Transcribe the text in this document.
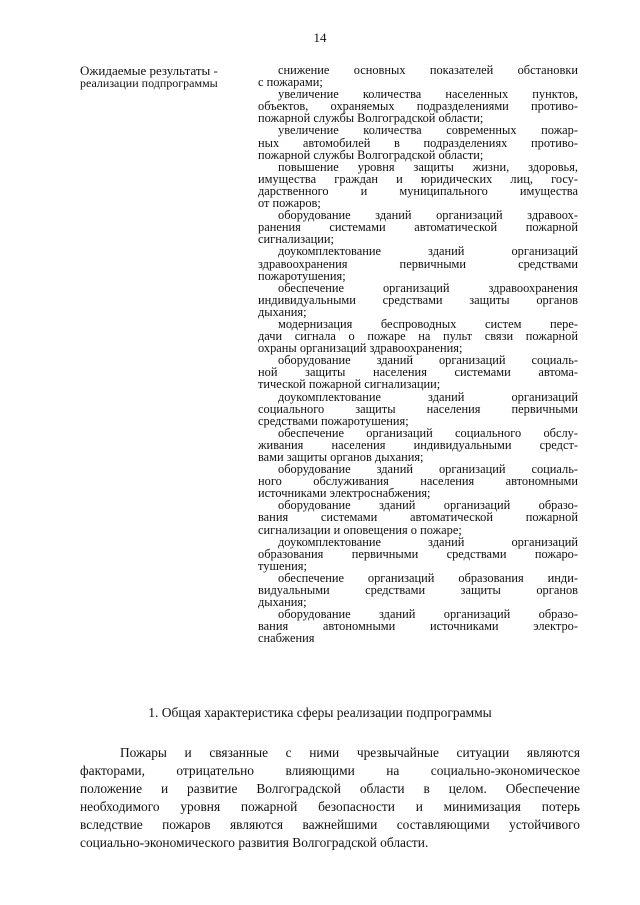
14
Ожидаемые результаты -
реализации подпрограммы
снижение основных показателей обстановки
с пожарами;
увеличение количества населенных пунктов,
объектов, охраняемых подразделениями противо-
пожарной службы Волгоградской области;
увеличение количества современных пожар-
ных автомобилей в подразделениях противо-
пожарной службы Волгоградской области;
повышение уровня защиты жизни, здоровья,
имущества граждан и юридических лиц, госу-
дарственного и муниципального имущества
от пожаров;
оборудование зданий организаций здравоох-
ранения системами автоматической пожарной
сигнализации;
доукомплектование зданий организаций
здравоохранения первичными средствами
пожаротушения;
обеспечение организаций здравоохранения
индивидуальными средствами защиты органов
дыхания;
модернизация беспроводных систем пере-
дачи сигнала о пожаре на пульт связи пожарной
охраны организаций здравоохранения;
оборудование зданий организаций социаль-
ной защиты населения системами автома-
тической пожарной сигнализации;
доукомплектование зданий организаций
социального защиты населения первичными
средствами пожаротушения;
обеспечение организаций социального обслу-
живания населения индивидуальными средст-
вами защиты органов дыхания;
оборудование зданий организаций социаль-
ного обслуживания населения автономными
источниками электроснабжения;
оборудование зданий организаций образо-
вания системами автоматической пожарной
сигнализации и оповещения о пожаре;
доукомплектование зданий организаций
образования первичными средствами пожаро-
тушения;
обеспечение организаций образования инди-
видуальными средствами защиты органов
дыхания;
оборудование зданий организаций образо-
вания автономными источниками электро-
снабжения
1. Общая характеристика сферы реализации подпрограммы
Пожары и связанные с ними чрезвычайные ситуации являются
факторами, отрицательно влияющими на социально-экономическое
положение и развитие Волгоградской области в целом. Обеспечение
необходимого уровня пожарной безопасности и минимизация потерь
вследствие пожаров являются важнейшими составляющими устойчивого
социально-экономического развития Волгоградской области.
